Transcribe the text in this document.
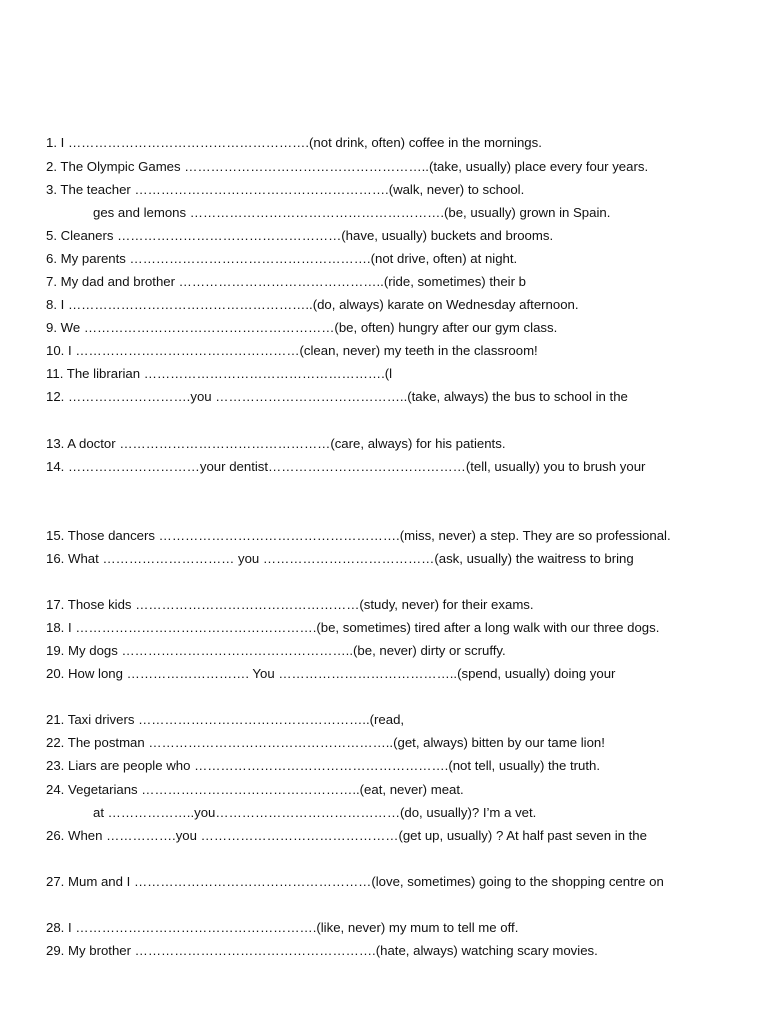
1. I ……………………………………………….(not drink, often) coffee in the mornings.
2. The Olympic Games ………………………………………………..(take, usually) place every four years.
3. The teacher ………………………………………………….(walk, never) to school.
ges and lemons ………………………………………………….(be, usually) grown in Spain.
5. Cleaners ……………………………………………(have, usually) buckets and brooms.
6. My parents ……………………………………………….(not drive, often) at night.
7. My dad and brother ………………………………………..(ride, sometimes) their b
8. I ………………………………………………..(do, always) karate on Wednesday afternoon.
9. We …………………………………………………(be, often) hungry after our gym class.
10. I ……………………………………………(clean, never) my teeth in the classroom!
11. The librarian ……………………………………………….(l
12. ……………………….you ……………………………………..(take, always) the bus to school in the
13. A doctor …………………………………………(care, always) for his patients.
14. …………………………your dentist………………………………………(tell, usually) you to brush your
15. Those dancers ……………………………………………….(miss, never) a step. They are so professional.
16. What ………………………… you …………………………………(ask, usually) the waitress to bring
17. Those kids ……………………………………………(study, never) for their exams.
18. I ……………………………………………….(be, sometimes) tired after a long walk with our three dogs.
19. My dogs ……………………………………………..(be, never) dirty or scruffy.
20. How long ………………………. You …………………………………..(spend, usually) doing your
21. Taxi drivers ……………………………………………..(read,
22. The postman ………………………………………………..(get, always) bitten by our tame lion!
23. Liars are people who ………………………………………………….(not tell, usually) the truth.
24. Vegetarians …………………………………………..(eat, never) meat.
at ………………..you……………………………………(do, usually)? I’m a vet.
26. When …………….you ………………………………………(get up, usually) ? At half past seven in the
27. Mum and I ………………………………………………(love, sometimes) going to the shopping centre on
28. I ……………………………………………….(like, never) my mum to tell me off.
29. My brother ……………………………………………….(hate, always) watching scary movies.
